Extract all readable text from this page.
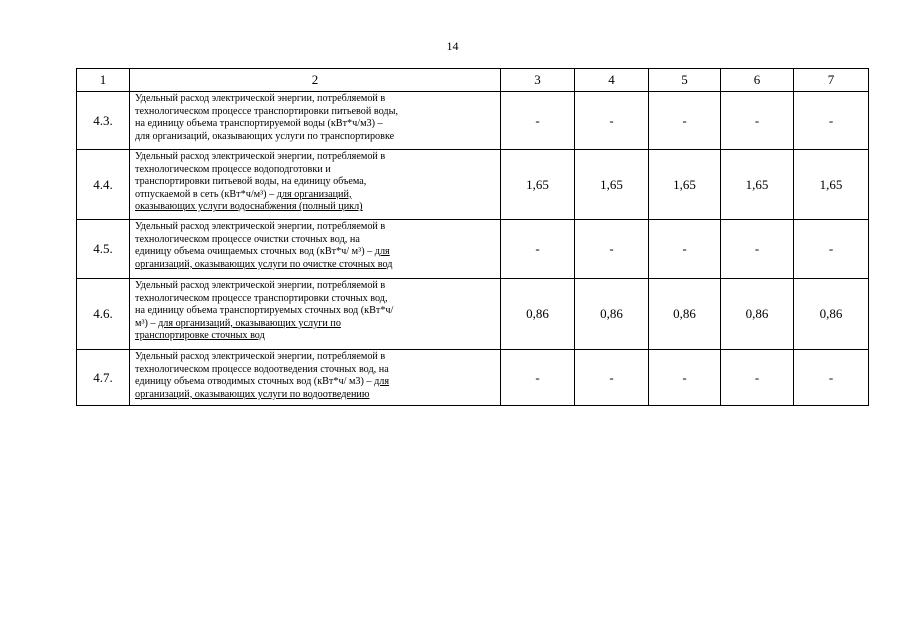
14
1	2	3	4	5	6	7
4.3.	Удельный расход электрической энергии, потребляемой в
технологическом процессе транспортировки питьевой воды,
на единицу объема транспортируемой воды (кВт*ч/м3) –
для организаций, оказывающих услуги по транспортировке	-	-	-	-	-
4.4.	Удельный расход электрической энергии, потребляемой в
технологическом процессе водоподготовки и
транспортировки питьевой воды, на единицу объема,
отпускаемой в сеть (кВт*ч/м³) – для организаций,
оказывающих услуги водоснабжения (полный цикл)	1,65	1,65	1,65	1,65	1,65
4.5.	Удельный расход электрической энергии, потребляемой в
технологическом процессе очистки сточных вод, на
единицу объема очищаемых сточных вод (кВт*ч/ м³) – для
организаций, оказывающих услуги по очистке сточных вод	-	-	-	-	-
4.6.	Удельный расход электрической энергии, потребляемой в
технологическом процессе транспортировки сточных вод,
на единицу объема транспортируемых сточных вод (кВт*ч/
м³) – для организаций, оказывающих услуги по
транспортировке сточных вод	0,86	0,86	0,86	0,86	0,86
4.7.	Удельный расход электрической энергии, потребляемой в
технологическом процессе водоотведения сточных вод, на
единицу объема отводимых сточных вод (кВт*ч/ м3) – для
организаций, оказывающих услуги по водоотведению	-	-	-	-	-
